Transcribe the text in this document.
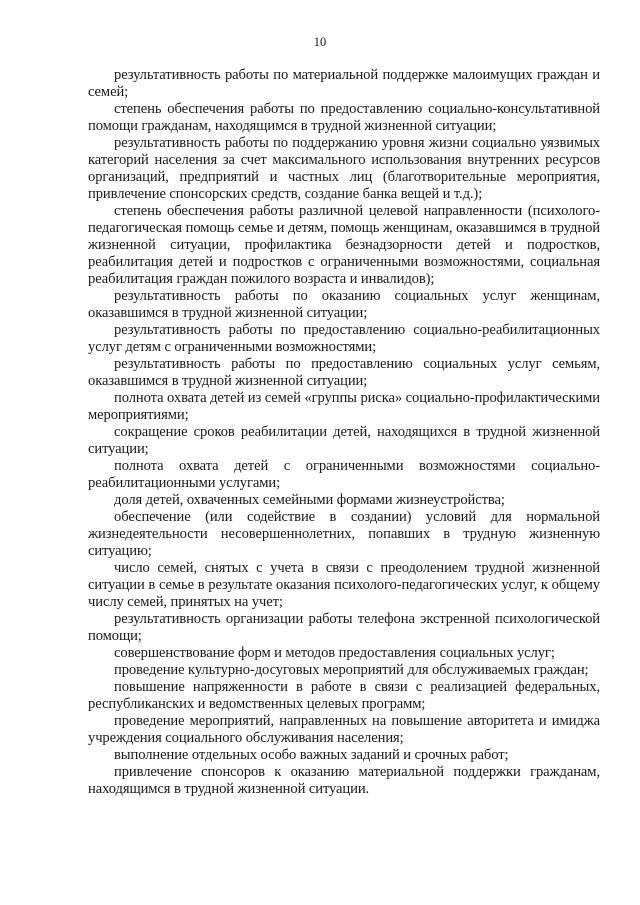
10

результативность работы по материальной поддержке малоимущих граждан и семей;

степень обеспечения работы по предоставлению социально-консультативной помощи гражданам, находящимся в трудной жизненной ситуации;

результативность работы по поддержанию уровня жизни социально уязвимых категорий населения за счет максимального использования внутренних ресурсов организаций, предприятий и частных лиц (благотворительные мероприятия, привлечение спонсорских средств, создание банка вещей и т.д.);

степень обеспечения работы различной целевой направленности (психолого-педагогическая помощь семье и детям, помощь женщинам, оказавшимся в трудной жизненной ситуации, профилактика безнадзорности детей и подростков, реабилитация детей и подростков с ограниченными возможностями, социальная реабилитация граждан пожилого возраста и инвалидов);

результативность работы по оказанию социальных услуг женщинам, оказавшимся в трудной жизненной ситуации;

результативность работы по предоставлению социально-реабилитационных услуг детям с ограниченными возможностями;

результативность работы по предоставлению социальных услуг семьям, оказавшимся в трудной жизненной ситуации;

полнота охвата детей из семей «группы риска» социально-профилактическими мероприятиями;

сокращение сроков реабилитации детей, находящихся в трудной жизненной ситуации;

полнота охвата детей с ограниченными возможностями социально-реабилитационными услугами;

доля детей, охваченных семейными формами жизнеустройства;

обеспечение (или содействие в создании) условий для нормальной жизнедеятельности несовершеннолетних, попавших в трудную жизненную ситуацию;

число семей, снятых с учета в связи с преодолением трудной жизненной ситуации в семье в результате оказания психолого-педагогических услуг, к общему числу семей, принятых на учет;

результативность организации работы телефона экстренной психологической помощи;

совершенствование форм и методов предоставления социальных услуг;

проведение культурно-досуговых мероприятий для обслуживаемых граждан;

повышение напряженности в работе в связи с реализацией федеральных, республиканских и ведомственных целевых программ;

проведение мероприятий, направленных на повышение авторитета и имиджа учреждения социального обслуживания населения;

выполнение отдельных особо важных заданий и срочных работ;

привлечение спонсоров к оказанию материальной поддержки гражданам, находящимся в трудной жизненной ситуации.
